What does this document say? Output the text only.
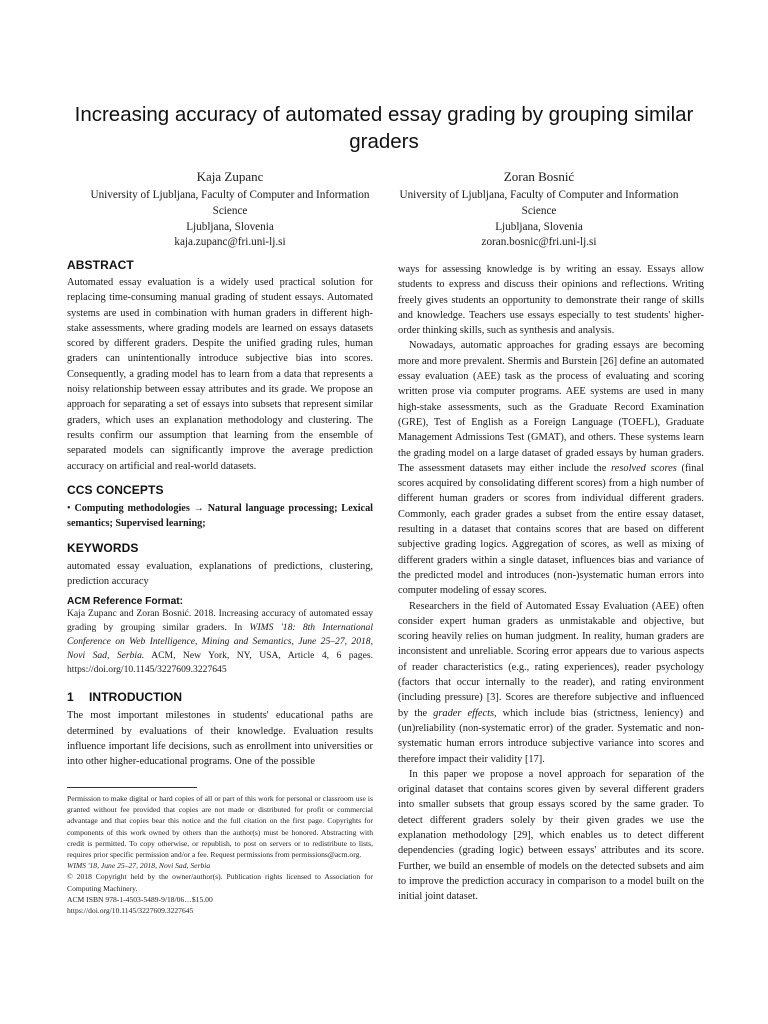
Increasing accuracy of automated essay grading by grouping similar graders
Kaja Zupanc
University of Ljubljana, Faculty of Computer and Information Science
Ljubljana, Slovenia
kaja.zupanc@fri.uni-lj.si
Zoran Bosnić
University of Ljubljana, Faculty of Computer and Information Science
Ljubljana, Slovenia
zoran.bosnic@fri.uni-lj.si
ABSTRACT

Automated essay evaluation is a widely used practical solution for replacing time-consuming manual grading of student essays. Automated systems are used in combination with human graders in different high-stake assessments, where grading models are learned on essays datasets scored by different graders. Despite the unified grading rules, human graders can unintentionally introduce subjective bias into scores. Consequently, a grading model has to learn from a data that represents a noisy relationship between essay attributes and its grade. We propose an approach for separating a set of essays into subsets that represent similar graders, which uses an explanation methodology and clustering. The results confirm our assumption that learning from the ensemble of separated models can significantly improve the average prediction accuracy on artificial and real-world datasets.

CCS CONCEPTS

• Computing methodologies → Natural language processing; Lexical semantics; Supervised learning;

KEYWORDS

automated essay evaluation, explanations of predictions, clustering, prediction accuracy

ACM Reference Format:

Kaja Zupanc and Zoran Bosnić. 2018. Increasing accuracy of automated essay grading by grouping similar graders. In WIMS '18: 8th International Conference on Web Intelligence, Mining and Semantics, June 25–27, 2018, Novi Sad, Serbia. ACM, New York, NY, USA, Article 4, 6 pages. https://doi.org/10.1145/3227609.3227645

1 INTRODUCTION

The most important milestones in students' educational paths are determined by evaluations of their knowledge. Evaluation results influence important life decisions, such as enrollment into universities or into other higher-educational programs. One of the possible

ways for assessing knowledge is by writing an essay. Essays allow students to express and discuss their opinions and reflections. Writing freely gives students an opportunity to demonstrate their range of skills and knowledge. Teachers use essays especially to test students' higher-order thinking skills, such as synthesis and analysis.

Nowadays, automatic approaches for grading essays are becoming more and more prevalent. Shermis and Burstein [26] define an automated essay evaluation (AEE) task as the process of evaluating and scoring written prose via computer programs. AEE systems are used in many high-stake assessments, such as the Graduate Record Examination (GRE), Test of English as a Foreign Language (TOEFL), Graduate Management Admissions Test (GMAT), and others. These systems learn the grading model on a large dataset of graded essays by human graders. The assessment datasets may either include the resolved scores (final scores acquired by consolidating different scores) from a high number of different human graders or scores from individual different graders. Commonly, each grader grades a subset from the entire essay dataset, resulting in a dataset that contains scores that are based on different subjective grading logics. Aggregation of scores, as well as mixing of different graders within a single dataset, influences bias and variance of the predicted model and introduces (non-)systematic human errors into computer modeling of essay scores.

Researchers in the field of Automated Essay Evaluation (AEE) often consider expert human graders as unmistakable and objective, but scoring heavily relies on human judgment. In reality, human graders are inconsistent and unreliable. Scoring error appears due to various aspects of reader characteristics (e.g., rating experiences), reader psychology (factors that occur internally to the reader), and rating environment (including pressure) [3]. Scores are therefore subjective and influenced by the grader effects, which include bias (strictness, leniency) and (un)reliability (non-systematic error) of the grader. Systematic and non-systematic human errors introduce subjective variance into scores and therefore impact their validity [17].

In this paper we propose a novel approach for separation of the original dataset that contains scores given by several different graders into smaller subsets that group essays scored by the same grader. To detect different graders solely by their given grades we use the explanation methodology [29], which enables us to detect different dependencies (grading logic) between essays' attributes and its score. Further, we build an ensemble of models on the detected subsets and aim to improve the prediction accuracy in comparison to a model built on the initial joint dataset.

Permission to make digital or hard copies of all or part of this work for personal or classroom use is granted without fee provided that copies are not made or distributed for profit or commercial advantage and that copies bear this notice and the full citation on the first page. Copyrights for components of this work owned by others than the author(s) must be honored. Abstracting with credit is permitted. To copy otherwise, or republish, to post on servers or to redistribute to lists, requires prior specific permission and/or a fee. Request permissions from permissions@acm.org.

WIMS '18, June 25–27, 2018, Novi Sad, Serbia

© 2018 Copyright held by the owner/author(s). Publication rights licensed to Association for Computing Machinery.

ACM ISBN 978-1-4503-5489-9/18/06…$15.00

https://doi.org/10.1145/3227609.3227645
